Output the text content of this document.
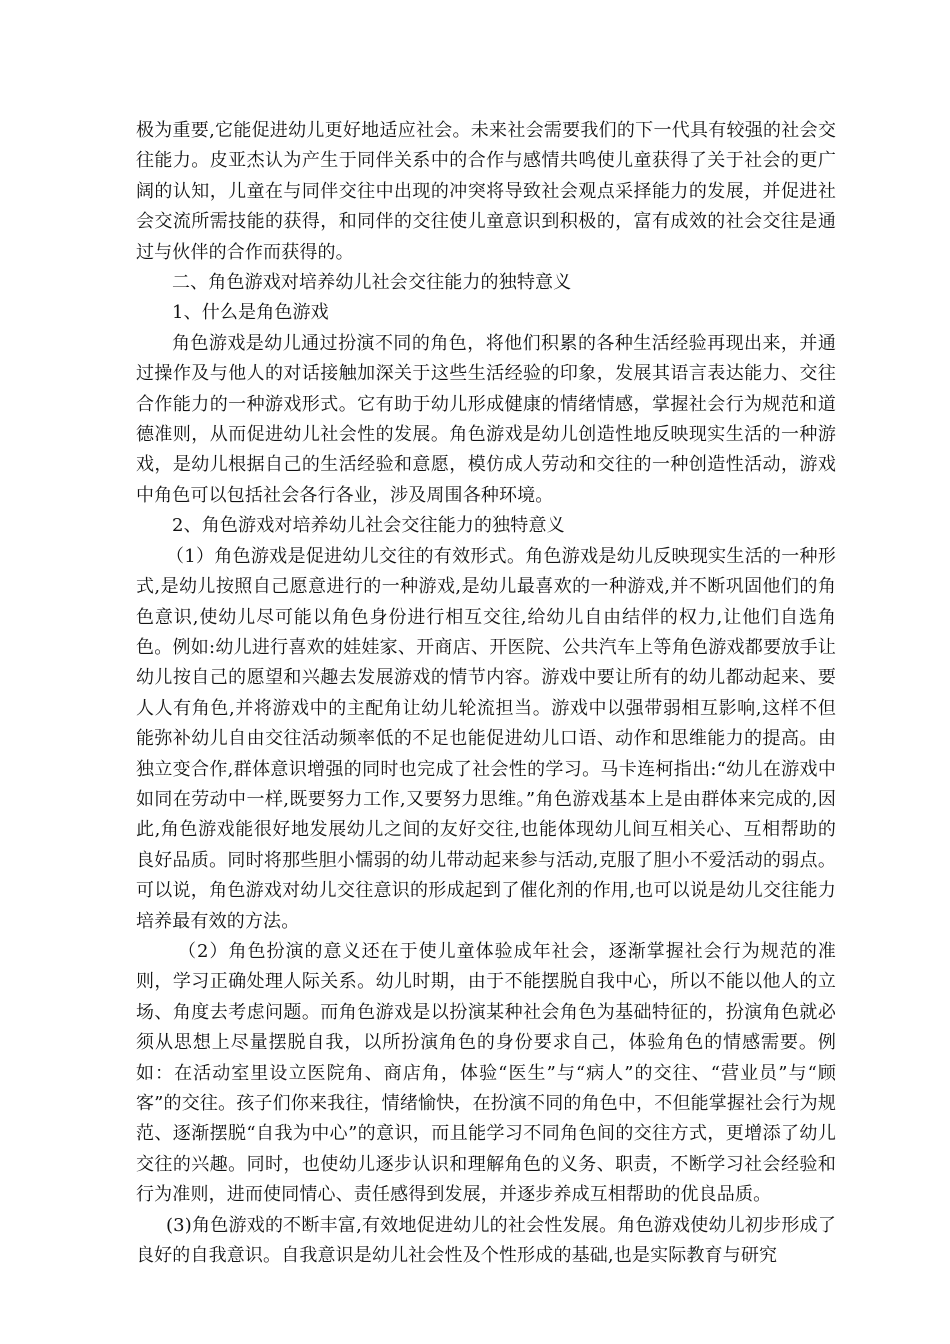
极为重要,它能促进幼儿更好地适应社会。未来社会需要我们的下一代具有较强的社会交往能力。皮亚杰认为产生于同伴关系中的合作与感情共鸣使儿童获得了关于社会的更广阔的认知，儿童在与同伴交往中出现的冲突将导致社会观点采择能力的发展，并促进社会交流所需技能的获得，和同伴的交往使儿童意识到积极的，富有成效的社会交往是通过与伙伴的合作而获得的。

二、角色游戏对培养幼儿社会交往能力的独特意义

1、什么是角色游戏

角色游戏是幼儿通过扮演不同的角色，将他们积累的各种生活经验再现出来，并通过操作及与他人的对话接触加深关于这些生活经验的印象，发展其语言表达能力、交往合作能力的一种游戏形式。它有助于幼儿形成健康的情绪情感，掌握社会行为规范和道德准则，从而促进幼儿社会性的发展。角色游戏是幼儿创造性地反映现实生活的一种游戏，是幼儿根据自己的生活经验和意愿，模仿成人劳动和交往的一种创造性活动，游戏中角色可以包括社会各行各业，涉及周围各种环境。

2、角色游戏对培养幼儿社会交往能力的独特意义

（1）角色游戏是促进幼儿交往的有效形式。角色游戏是幼儿反映现实生活的一种形式,是幼儿按照自己愿意进行的一种游戏,是幼儿最喜欢的一种游戏,并不断巩固他们的角色意识,使幼儿尽可能以角色身份进行相互交往,给幼儿自由结伴的权力,让他们自选角色。例如:幼儿进行喜欢的娃娃家、开商店、开医院、公共汽车上等角色游戏都要放手让幼儿按自己的愿望和兴趣去发展游戏的情节内容。游戏中要让所有的幼儿都动起来、要人人有角色,并将游戏中的主配角让幼儿轮流担当。游戏中以强带弱相互影响,这样不但能弥补幼儿自由交往活动频率低的不足也能促进幼儿口语、动作和思维能力的提高。由独立变合作,群体意识增强的同时也完成了社会性的学习。马卡连柯指出:“幼儿在游戏中如同在劳动中一样,既要努力工作,又要努力思维。”角色游戏基本上是由群体来完成的,因此,角色游戏能很好地发展幼儿之间的友好交往,也能体现幼儿间互相关心、互相帮助的良好品质。同时将那些胆小懦弱的幼儿带动起来参与活动,克服了胆小不爱活动的弱点。可以说，角色游戏对幼儿交往意识的形成起到了催化剂的作用,也可以说是幼儿交往能力培养最有效的方法。

（2）角色扮演的意义还在于使儿童体验成年社会，逐渐掌握社会行为规范的准则，学习正确处理人际关系。幼儿时期，由于不能摆脱自我中心，所以不能以他人的立场、角度去考虑问题。而角色游戏是以扮演某种社会角色为基础特征的，扮演角色就必须从思想上尽量摆脱自我，以所扮演角色的身份要求自己，体验角色的情感需要。例如：在活动室里设立医院角、商店角，体验“医生”与“病人”的交往、“营业员”与“顾客”的交往。孩子们你来我往，情绪愉快，在扮演不同的角色中，不但能掌握社会行为规范、逐渐摆脱“自我为中心”的意识，而且能学习不同角色间的交往方式，更增添了幼儿交往的兴趣。同时，也使幼儿逐步认识和理解角色的义务、职责，不断学习社会经验和行为准则，进而使同情心、责任感得到发展，并逐步养成互相帮助的优良品质。

(3)角色游戏的不断丰富,有效地促进幼儿的社会性发展。角色游戏使幼儿初步形成了良好的自我意识。自我意识是幼儿社会性及个性形成的基础,也是实际教育与研究
